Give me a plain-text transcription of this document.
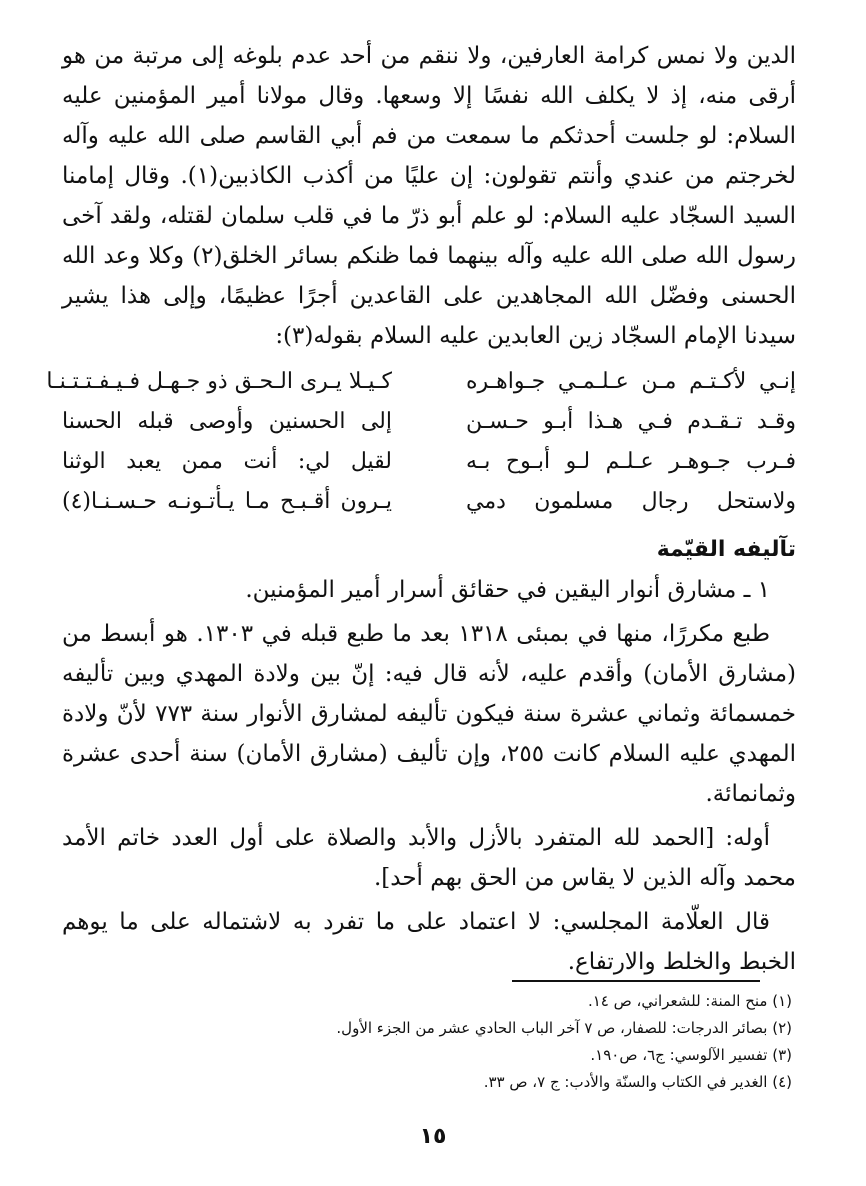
الدين ولا نمس كرامة العارفين، ولا ننقم من أحد عدم بلوغه إلى مرتبة من هو أرقى منه، إذ لا يكلف الله نفسًا إلا وسعها. وقال مولانا أمير المؤمنين عليه السلام: لو جلست أحدثكم ما سمعت من فم أبي القاسم صلى الله عليه وآله لخرجتم من عندي وأنتم تقولون: إن عليًا من أكذب الكاذبين(١). وقال إمامنا السيد السجّاد عليه السلام: لو علم أبو ذرّ ما في قلب سلمان لقتله، ولقد آخى رسول الله صلى الله عليه وآله بينهما فما ظنكم بسائر الخلق(٢) وكلا وعد الله الحسنى وفضّل الله المجاهدين على القاعدين أجرًا عظيمًا، وإلى هذا يشير سيدنا الإمام السجّاد زين العابدين عليه السلام بقوله(٣):

إنـي لأكـتـم مـن عـلـمـي جـواهـره
كـيـلا يـرى الـحـق ذو جـهـل فـيـفـتـتـنـا
وقـد تـقـدم فـي هـذا أبـو حـسـن
إلى الحسنين وأوصى قبله الحسنا
فـرب جـوهـر عـلـم لـو أبـوح بـه
لقيل لي: أنت ممن يعبد الوثنا
ولاستحل رجال مسلمون دمي
يـرون أقـبـح مـا يـأتـونـه حـسـنـا(٤)

تآليفه القيّمة

١ ـ مشارق أنوار اليقين في حقائق أسرار أمير المؤمنين.

طبع مكررًا، منها في بمبئى ١٣١٨ بعد ما طبع قبله في ١٣٠٣. هو أبسط من (مشارق الأمان) وأقدم عليه، لأنه قال فيه: إنّ بين ولادة المهدي وبين تأليفه خمسمائة وثماني عشرة سنة فيكون تأليفه لمشارق الأنوار سنة ٧٧٣ لأنّ ولادة المهدي عليه السلام كانت ٢٥٥، وإن تأليف (مشارق الأمان) سنة أحدى عشرة وثمانمائة.

أوله: [الحمد لله المتفرد بالأزل والأبد والصلاة على أول العدد خاتم الأمد محمد وآله الذين لا يقاس من الحق بهم أحد].

قال العلّامة المجلسي: لا اعتماد على ما تفرد به لاشتماله على ما يوهم الخبط والخلط والارتفاع.

(١) منح المنة: للشعراني، ص ١٤.

(٢) بصائر الدرجات: للصفار، ص ٧ آخر الباب الحادي عشر من الجزء الأول.

(٣) تفسير الآلوسي: ج٦، ص١٩٠.

(٤) الغدير في الكتاب والسنّة والأدب: ج ٧، ص ٣٣.

١٥
